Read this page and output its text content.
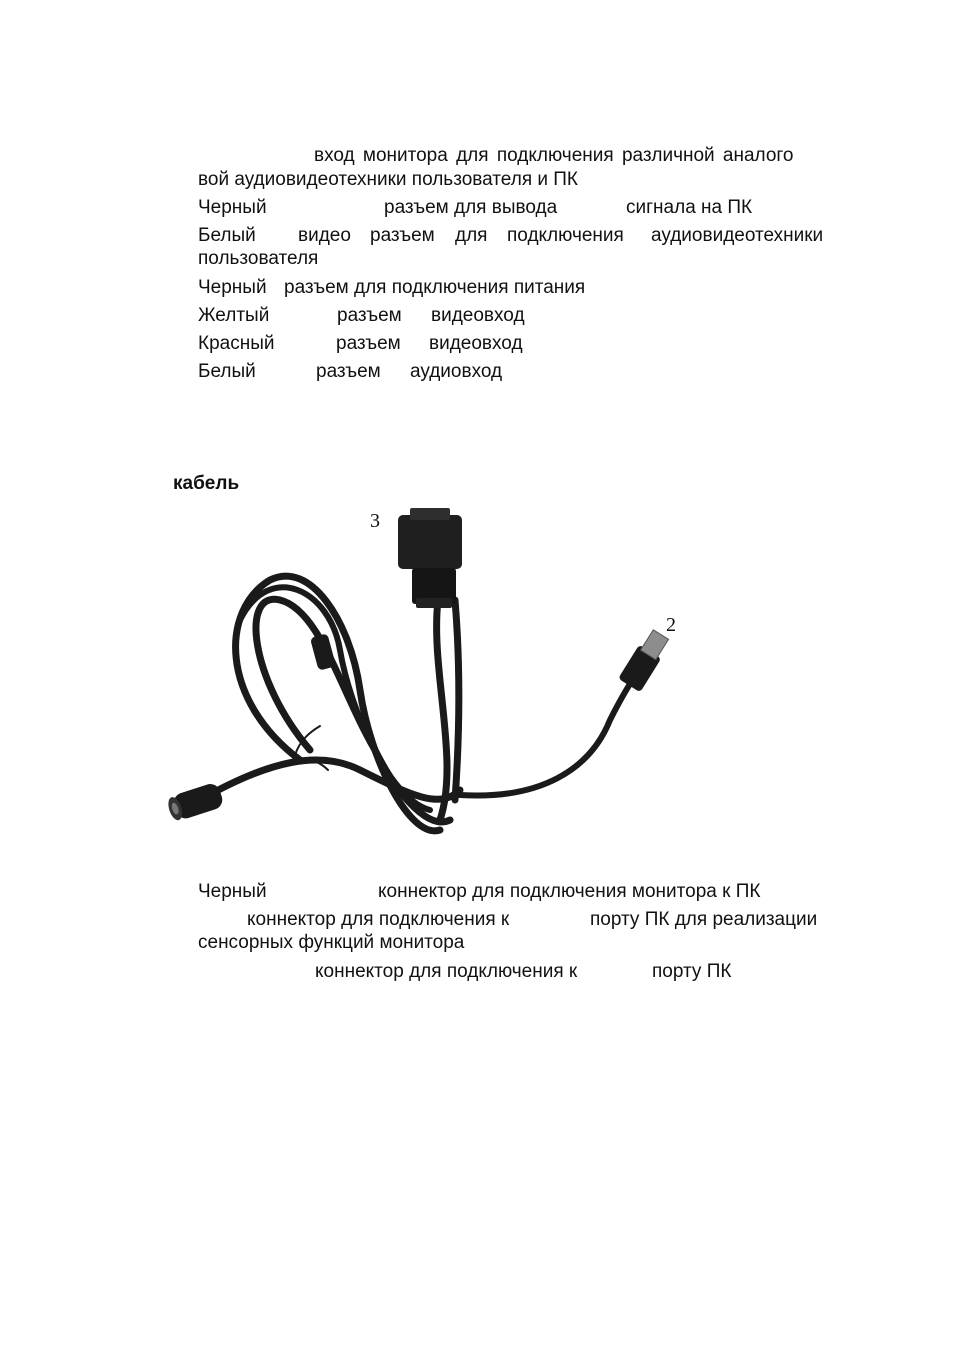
вход монитора для подключения различной аналого
вой аудиовидеотехники пользователя и ПК
Черный	разъем для вывода	сигнала на ПК
Белый видео разъем для подключения аудиовидеотехники
пользователя
Черный разъем для подключения питания
Желтый	разъем видеовход
Красный	разъем видеовход
Белый	разъем аудиовход
кабель
3
2
Черный	коннектор для подключения монитора к ПК
коннектор для подключения к	порту ПК для реализации
сенсорных функций монитора
коннектор для подключения к	порту ПК
